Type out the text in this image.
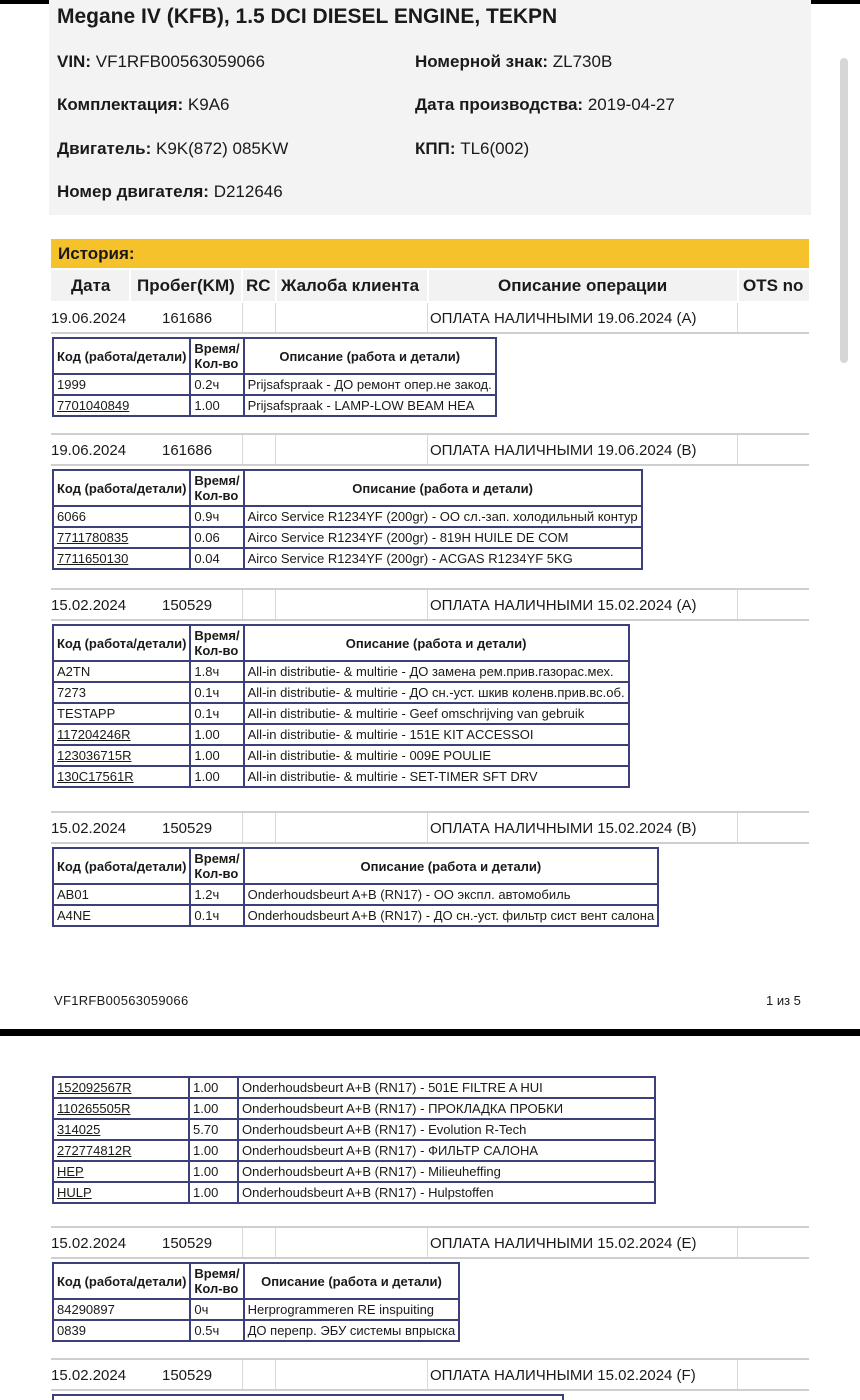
Megane IV (KFB), 1.5 DCI DIESEL ENGINE, TEKPN
VIN: VF1RFB00563059066	Номерной знак: ZL730B
Комплектация: K9A6	Дата производства: 2019-04-27
Двигатель: K9K(872) 085KW	КПП: TL6(002)
Номер двигателя: D212646
История:
Дата Пробег(KM) RC Жалоба клиента	Описание операции	OTS no
19.06.2024 161686	ОПЛАТА НАЛИЧНЫМИ 19.06.2024 (A)
Код (работа/детали)	Время/
Кол-во	Описание (работа и детали)
1999	0.2ч	Prijsafspraak - ДО ремонт опер.не закод.
7701040849	1.00	Prijsafspraak - LAMP-LOW BEAM HEA
19.06.2024 161686	ОПЛАТА НАЛИЧНЫМИ 19.06.2024 (B)
Код (работа/детали)	Время/
Кол-во	Описание (работа и детали)
6066	0.9ч	Airco Service R1234YF (200gr) - ОО сл.-зап. холодильный контур
7711780835	0.06	Airco Service R1234YF (200gr) - 819H HUILE DE COM
7711650130	0.04	Airco Service R1234YF (200gr) - ACGAS R1234YF 5KG
15.02.2024 150529	ОПЛАТА НАЛИЧНЫМИ 15.02.2024 (A)
Код (работа/детали)	Время/
Кол-во	Описание (работа и детали)
A2TN	1.8ч	All-in distributie- & multirie - ДО замена рем.прив.газорас.мех.
7273	0.1ч	All-in distributie- & multirie - ДО сн.-уст. шкив коленв.прив.вс.об.
TESTAPP	0.1ч	All-in distributie- & multirie - Geef omschrijving van gebruik
117204246R	1.00	All-in distributie- & multirie - 151E KIT ACCESSOI
123036715R	1.00	All-in distributie- & multirie - 009E POULIE
130C17561R	1.00	All-in distributie- & multirie - SET-TIMER SFT DRV
15.02.2024 150529	ОПЛАТА НАЛИЧНЫМИ 15.02.2024 (B)
Код (работа/детали)	Время/
Кол-во	Описание (работа и детали)
AB01	1.2ч	Onderhoudsbeurt A+B (RN17) - ОО экспл. автомобиль
A4NE	0.1ч	Onderhoudsbeurt A+B (RN17) - ДО сн.-уст. фильтр сист вент салона
VF1RFB00563059066	1 из 5
152092567R	1.00	Onderhoudsbeurt A+B (RN17) - 501E FILTRE A HUI
110265505R	1.00	Onderhoudsbeurt A+B (RN17) - ПРОКЛАДКА ПРОБКИ
314025	5.70	Onderhoudsbeurt A+B (RN17) - Evolution R-Tech
272774812R	1.00	Onderhoudsbeurt A+B (RN17) - ФИЛЬТР САЛОНА
HEP	1.00	Onderhoudsbeurt A+B (RN17) - Milieuheffing
HULP	1.00	Onderhoudsbeurt A+B (RN17) - Hulpstoffen
15.02.2024 150529	ОПЛАТА НАЛИЧНЫМИ 15.02.2024 (E)
Код (работа/детали)	Время/
Кол-во	Описание (работа и детали)
84290897	0ч	Herprogrammeren RE inspuiting
0839	0.5ч	ДО перепр. ЭБУ системы впрыска
15.02.2024 150529	ОПЛАТА НАЛИЧНЫМИ 15.02.2024 (F)
